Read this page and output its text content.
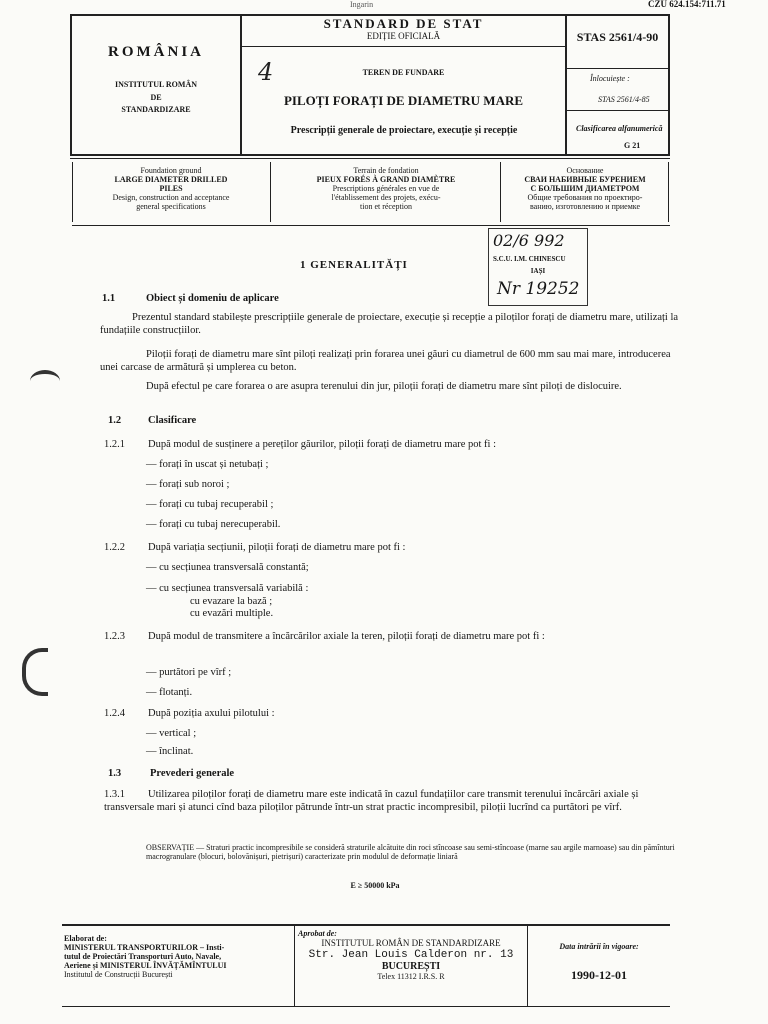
Ingarin	CZU 624.154:711.71
ROMÂNIA
INSTITUTUL ROMÂN
DE
STANDARDIZARE
STANDARD DE STAT
EDIȚIE OFICIALĂ
4	TEREN DE FUNDARE
PILOȚI FORAȚI DE DIAMETRU MARE
Prescripții generale de proiectare, execuție și recepție
STAS 2561/4-90
Înlocuiește :
STAS 2561/4-85
Clasificarea alfanumerică
G 21
Foundation ground
LARGE DIAMETER DRILLED
PILES
Design, construction and acceptance
general specifications
Terrain de fondation
PIEUX FORÉS À GRAND DIAMÈTRE
Prescriptions générales en vue de
l'établissement des projets, exécu-
tion et réception
Основание
СВАИ НАБИВНЫЕ БУРЕНИЕМ
С БОЛЬШИМ ДИАМЕТРОМ
Общие требования по проектиро-
ванию, изготовлению и приемке
02/6 992
S.C.U. I.M. CHINESCU
IAȘI
Nr 19252
1 GENERALITĂȚI
1.1	Obiect și domeniu de aplicare
Prezentul standard stabilește prescripțiile generale de proiectare, execuție și recepție a piloților forați de diametru mare, utilizați la fundațiile construcțiilor.
Piloții forați de diametru mare sînt piloți realizați prin forarea unei găuri cu diametrul de 600 mm sau mai mare, introducerea unei carcase de armătură și umplerea cu beton.
După efectul pe care forarea o are asupra terenului din jur, piloții forați de diametru mare sînt piloți de dislocuire.
1.2	Clasificare
1.2.1 După modul de susținere a pereților găurilor, piloții forați de diametru mare pot fi :
— forați în uscat și netubați ;
— forați sub noroi ;
— forați cu tubaj recuperabil ;
— forați cu tubaj nerecuperabil.
1.2.2 După variația secțiunii, piloții forați de diametru mare pot fi :
— cu secțiunea transversală constantă;
— cu secțiunea transversală variabilă :
cu evazare la bază ;
cu evazări multiple.
1.2.3	După modul de transmitere a încărcărilor axiale la teren, piloții forați de diametru mare pot fi :
— purtători pe vîrf ;
— flotanți.
1.2.4 După poziția axului pilotului :
— vertical ;
— înclinat.
1.3	Prevederi generale
1.3.1	Utilizarea piloților forați de diametru mare este indicată în cazul fundațiilor care transmit terenului încărcări axiale și transversale mari și atunci cînd baza piloților pătrunde într-un strat practic incompresibil, piloții lucrînd ca purtători pe vîrf.
OBSERVAȚIE — Straturi practic incompresibile se consideră straturile alcătuite din roci stîncoase sau semi-stîncoase (marne sau argile marnoase) sau din pămînturi macrogranulare (blocuri, bolovănișuri, pietrișuri) caracterizate prin modulul de deformație liniară
E ≥ 50000 kPa
Elaborat de:
MINISTERUL TRANSPORTURILOR – Insti-
tutul de Proiectări Transporturi Auto, Navale,
Aeriene și MINISTERUL ÎNVĂȚĂMÎNTULUI
Institutul de Construcții București
Aprobat de:
INSTITUTUL ROMÂN DE STANDARDIZARE
Str. Jean Louis Calderon nr. 13
BUCUREȘTI
Telex 11312 I.R.S. R
Data intrării în vigoare:
1990-12-01
